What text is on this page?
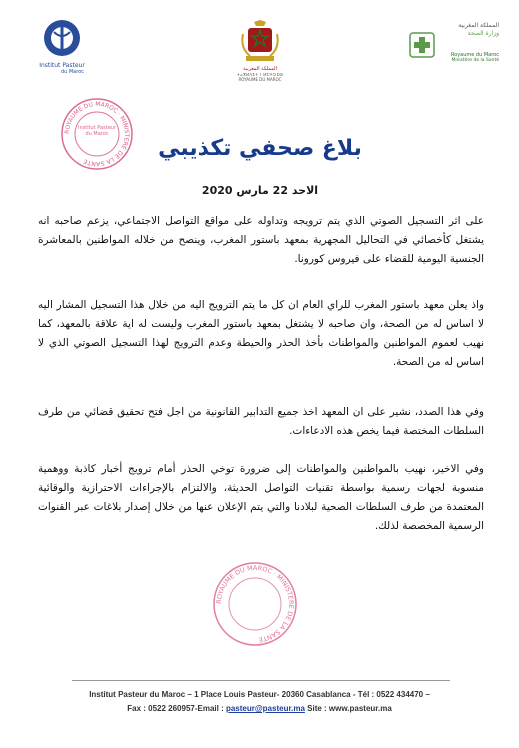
Institut Pasteur
du Maroc
المملكة المغربية
ⵜⴰⴳⵍⴷⵉⵜ ⵏ ⵍⵎⵖⵔⵉⴱ
ROYAUME DU MAROC
المملكة المغربية
وزارة الصحة
Royaume du Maroc
Ministère de la Santé
ROYAUME DU MAROC · MINISTERE DE LA SANTE
Institut Pasteur du Maroc
بلاغ صحفي تكذيبي
الاحد 22 مارس 2020

على اثر التسجيل الصوتي الذي يتم ترويجه وتداوله على مواقع التواصل الاجتماعي، يزعم صاحبه انه يشتغل كأخصائي في التحاليل المجهرية بمعهد باستور المغرب، وينصح من خلاله المواطنين بالمعاشرة الجنسية اليومية للقضاء على فيروس كورونا.

واذ يعلن معهد باستور المغرب للراي العام ان كل ما يتم الترويج اليه من خلال هذا التسجيل المشار اليه لا اساس له من الصحة، وان صاحبه لا يشتغل بمعهد باستور المغرب وليست له اية علاقة بالمعهد، كما نهيب لعموم المواطنين والمواطنات بأخذ الحذر والحيطة وعدم الترويج لهذا التسجيل الصوتي الذي لا اساس له من الصحة.

وفي هذا الصدد، نشير على ان المعهد اخذ جميع التدابير القانونية من اجل فتح تحقيق قضائي من طرف السلطات المختصة فيما يخص هذه الادعاءات.

وفي الاخير، نهيب بالمواطنين والمواطنات إلى ضرورة توخي الحذر أمام ترويج أخبار كاذبة ووهمية منسوبة لجهات رسمية بواسطة تقنيات التواصل الحديثة، والالتزام بالإجراءات الاحترازية والوقائية المعتمدة من طرف السلطات الصحية لبلادنا والتي يتم الإعلان عنها من خلال إصدار بلاغات عبر القنوات الرسمية المخصصة لذلك.

ROYAUME DU MAROC · MINISTERE DE LA SANTE
Institut Pasteur du Maroc – 1 Place Louis Pasteur- 20360 Casablanca - Tél : 0522 434470 –
Fax : 0522 260957-Email : pasteur@pasteur.ma Site : www.pasteur.ma
